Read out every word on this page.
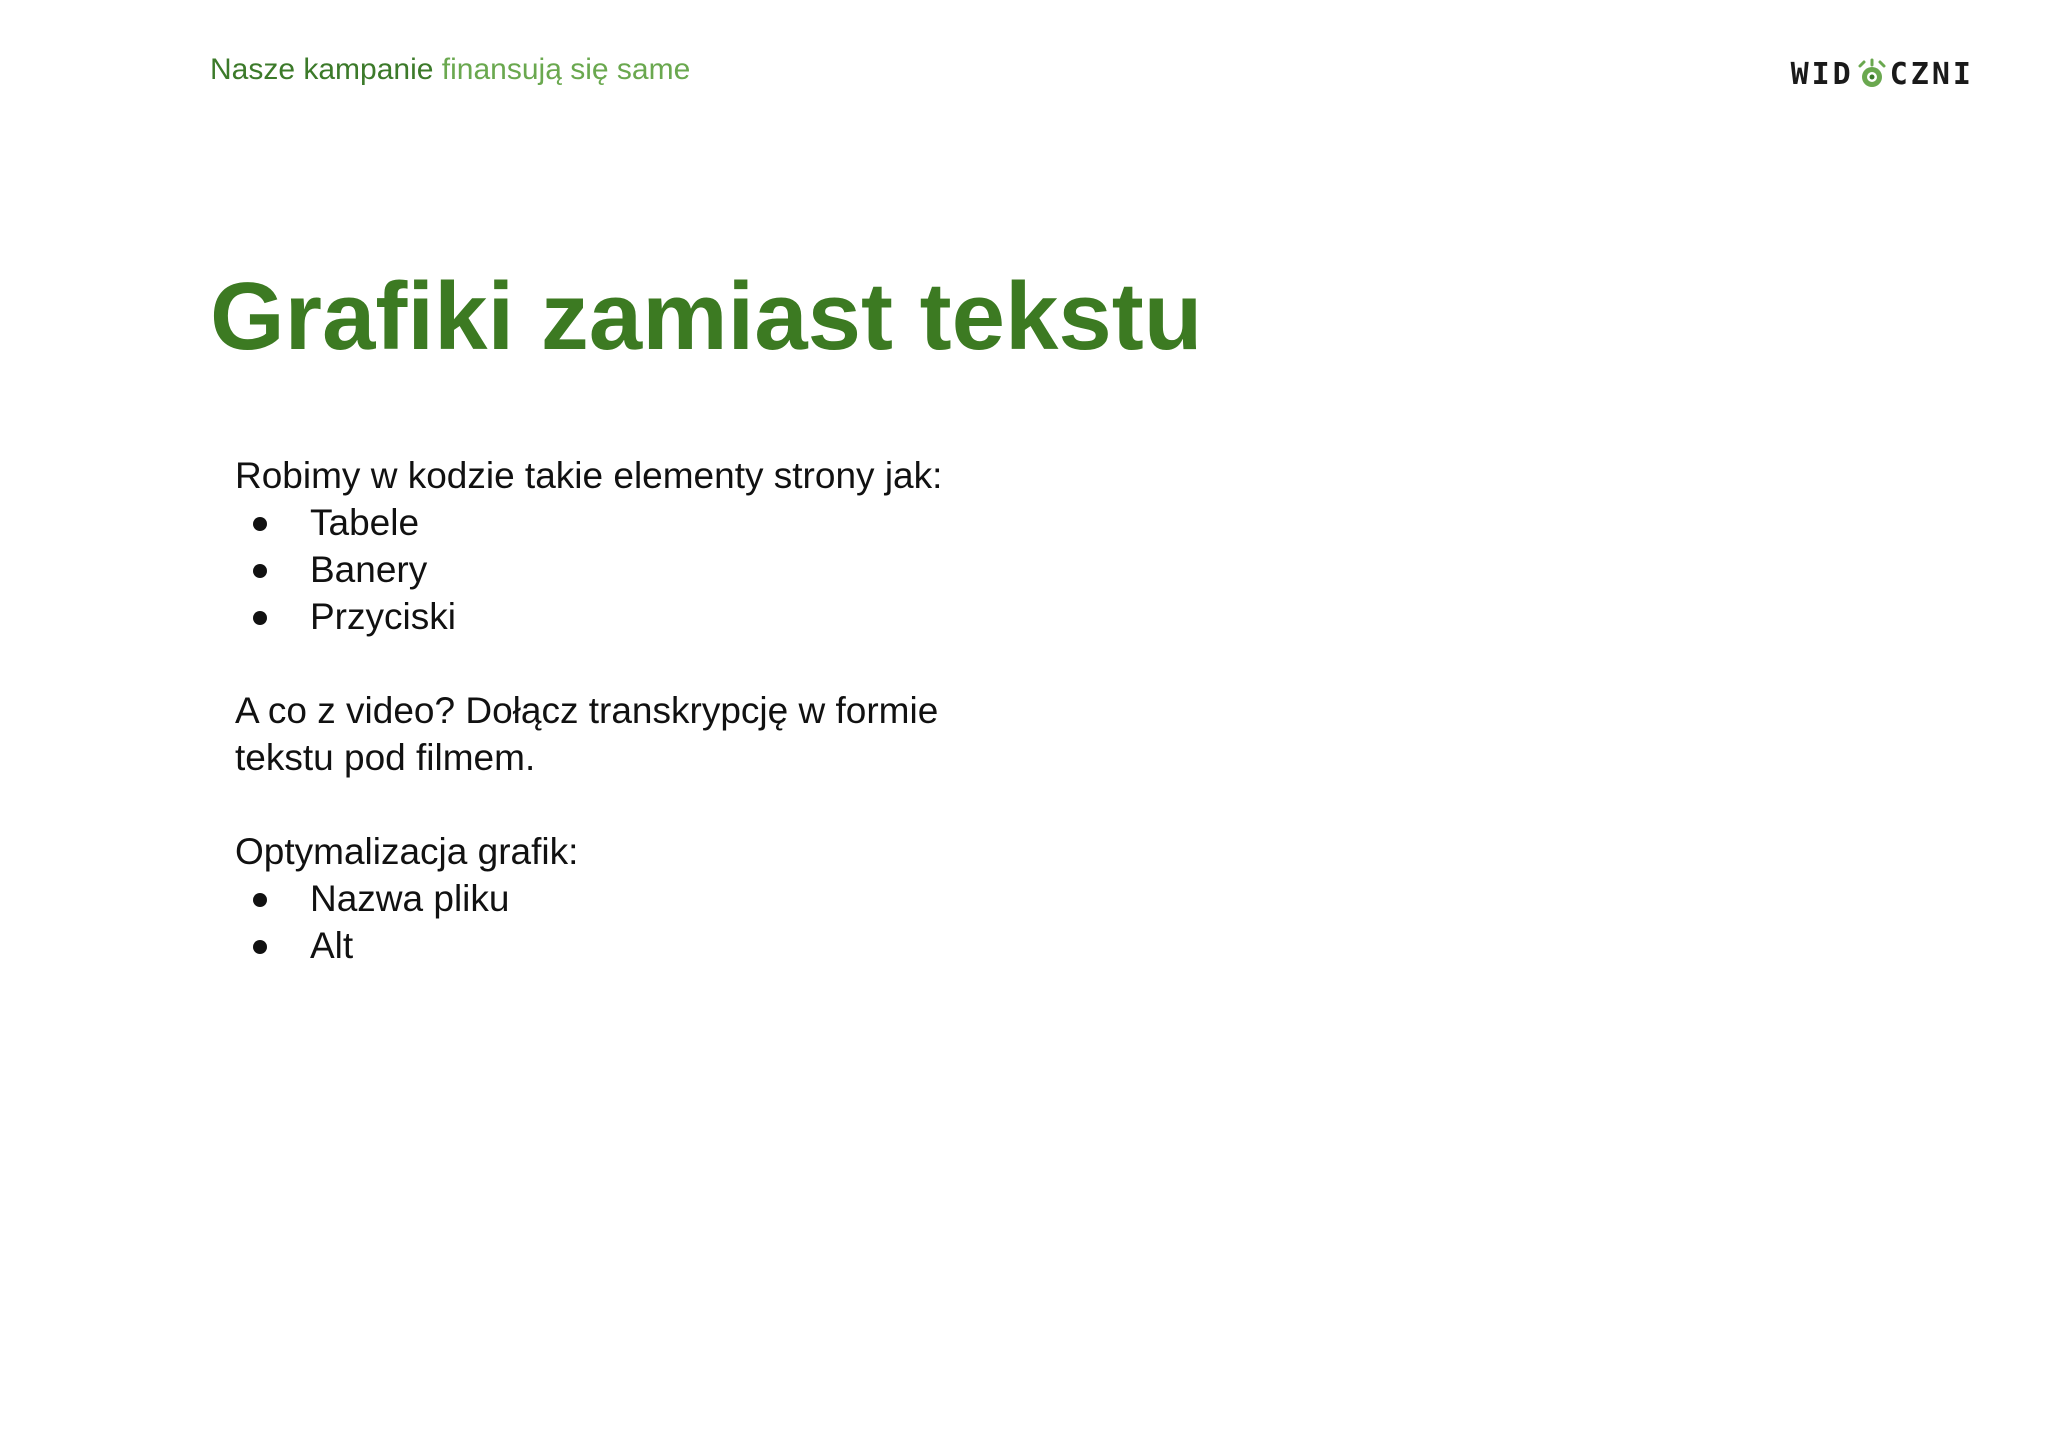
Nasze kampanie finansują się same	WID CZNI
Grafiki zamiast tekstu

Robimy w kodzie takie elementy strony jak:

Tabele
Banery
Przyciski

A co z video? Dołącz transkrypcję w formie

tekstu pod filmem.

Optymalizacja grafik:

Nazwa pliku
Alt
